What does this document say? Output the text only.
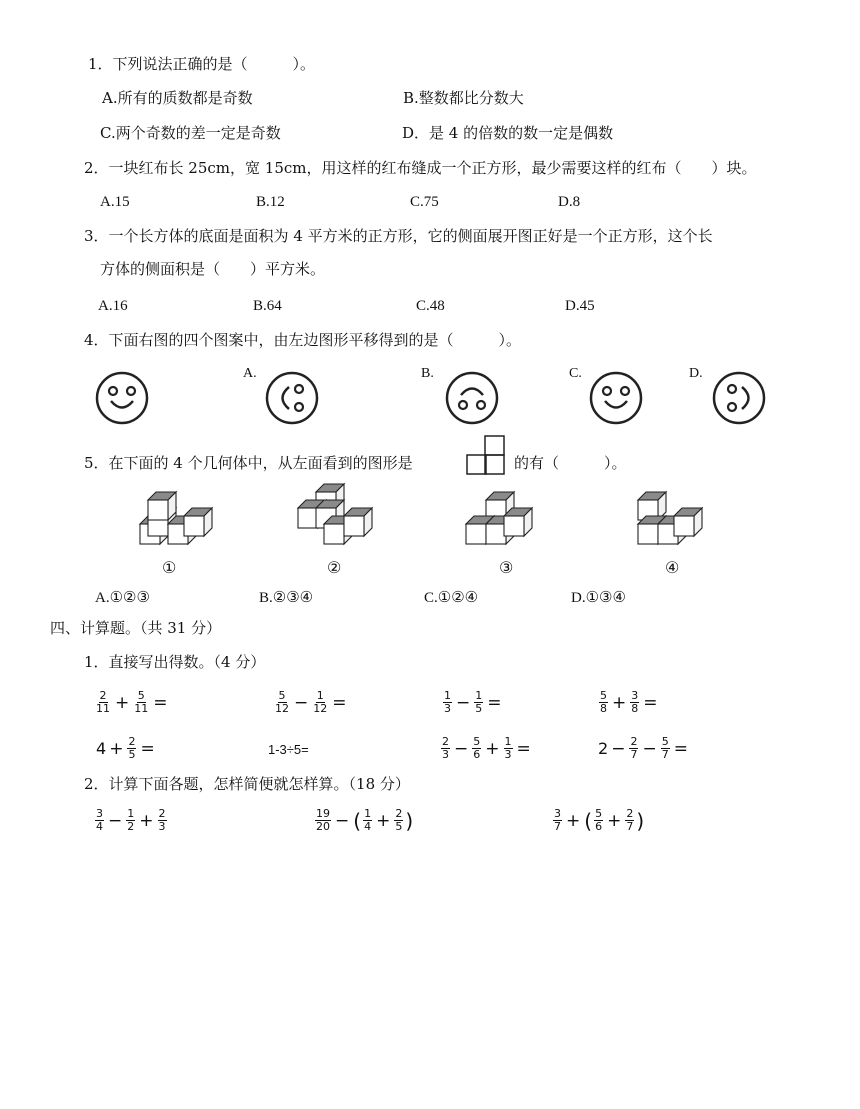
1．下列说法正确的是（　　　）。
A.所有的质数都是奇数	B.整数都比分数大
C.两个奇数的差一定是奇数	D．是 4 的倍数的数一定是偶数
2．一块红布长 25cm，宽 15cm，用这样的红布缝成一个正方形，最少需要这样的红布（　　）块。
A.15	B.12	C.75	D.8
3．一个长方体的底面是面积为 4 平方米的正方形，它的侧面展开图正好是一个正方形，这个长
方体的侧面积是（　　）平方米。
A.16	B.64	C.48	D.45
4．下面右图的四个图案中，由左边图形平移得到的是（　　　）。
A.	B.	C.	D.
5．在下面的 4 个几何体中，从左面看到的图形是	的有（　　　）。
①	②	③	④
A.①②③	B.②③④	C.①②④	D.①③④
四、计算题。（共 31 分）
1．直接写出得数。（4 分）
$\frac{2}{11} + \frac{5}{11}$ =	$\frac{5}{12} - \frac{1}{12}$ =	$\frac{1}{3} - \frac{1}{5}$ =	$\frac{5}{8} + \frac{3}{8}$ =
$4 + \frac{2}{5}$ =	1-3÷5=	$\frac{2}{3} - \frac{5}{6} + \frac{1}{3}$ =	$2 - \frac{2}{7} - \frac{5}{7}$ =
2．计算下面各题，怎样简便就怎样算。（18 分）
$\frac{3}{4} - \frac{1}{2} + \frac{2}{3}$	$\frac{19}{20}$ − ( $\frac{1}{4} + \frac{2}{5}$ )	$\frac{3}{7}$ + ( $\frac{5}{6} + \frac{2}{7}$ )
